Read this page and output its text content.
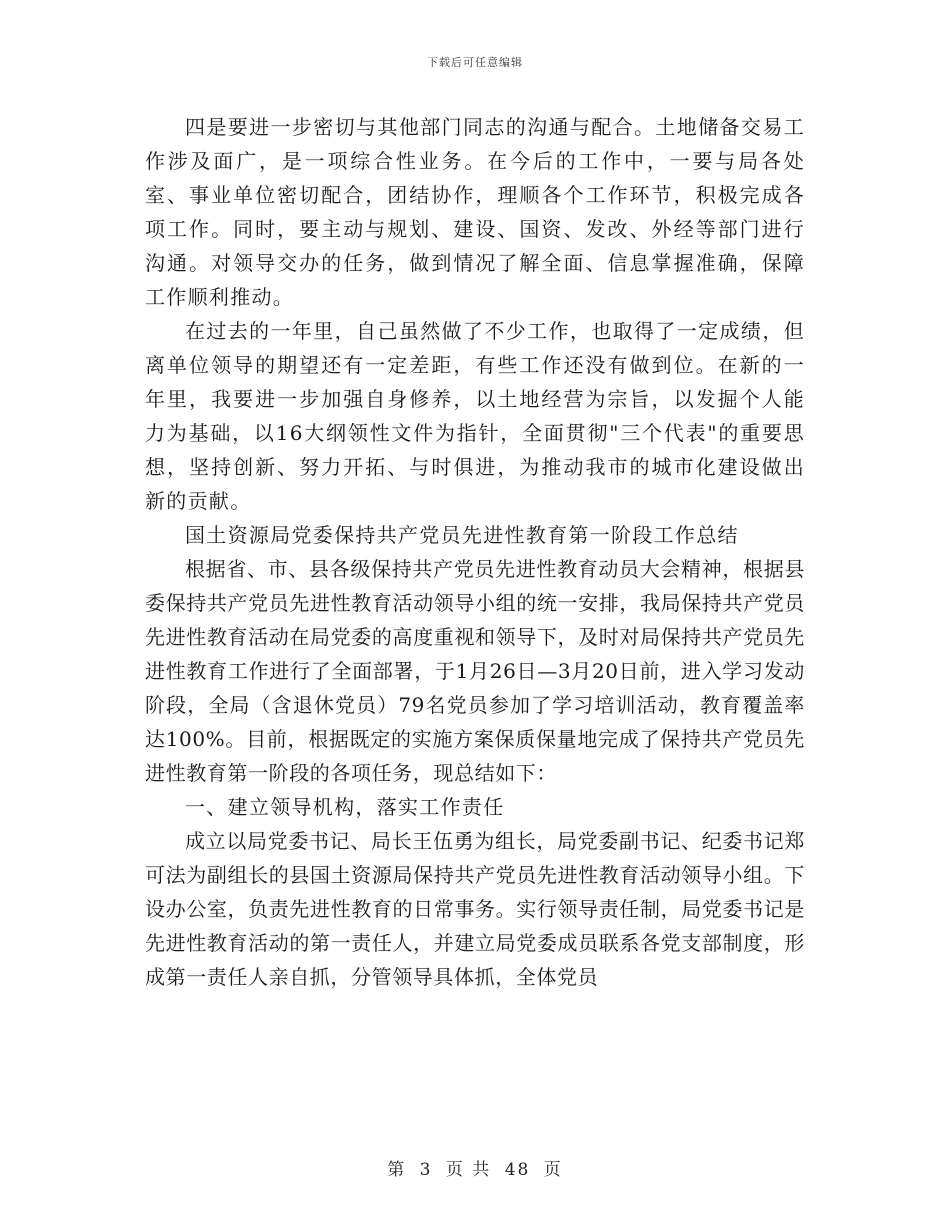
下载后可任意编辑

四是要进一步密切与其他部门同志的沟通与配合。土地储备交易工作涉及面广，是一项综合性业务。在今后的工作中，一要与局各处室、事业单位密切配合，团结协作，理顺各个工作环节，积极完成各项工作。同时，要主动与规划、建设、国资、发改、外经等部门进行沟通。对领导交办的任务，做到情况了解全面、信息掌握准确，保障工作顺利推动。

在过去的一年里，自己虽然做了不少工作，也取得了一定成绩，但离单位领导的期望还有一定差距，有些工作还没有做到位。在新的一年里，我要进一步加强自身修养，以土地经营为宗旨，以发掘个人能力为基础，以16大纲领性文件为指针，全面贯彻"三个代表"的重要思想，坚持创新、努力开拓、与时俱进，为推动我市的城市化建设做出新的贡献。

国土资源局党委保持共产党员先进性教育第一阶段工作总结

根据省、市、县各级保持共产党员先进性教育动员大会精神，根据县委保持共产党员先进性教育活动领导小组的统一安排，我局保持共产党员先进性教育活动在局党委的高度重视和领导下，及时对局保持共产党员先进性教育工作进行了全面部署，于1月26日—3月20日前，进入学习发动阶段，全局（含退休党员）79名党员参加了学习培训活动，教育覆盖率达100%。目前，根据既定的实施方案保质保量地完成了保持共产党员先进性教育第一阶段的各项任务，现总结如下：

一、建立领导机构，落实工作责任

成立以局党委书记、局长王伍勇为组长，局党委副书记、纪委书记郑可法为副组长的县国土资源局保持共产党员先进性教育活动领导小组。下设办公室，负责先进性教育的日常事务。实行领导责任制，局党委书记是先进性教育活动的第一责任人，并建立局党委成员联系各党支部制度，形成第一责任人亲自抓，分管领导具体抓，全体党员

第 3 页 共 48 页
